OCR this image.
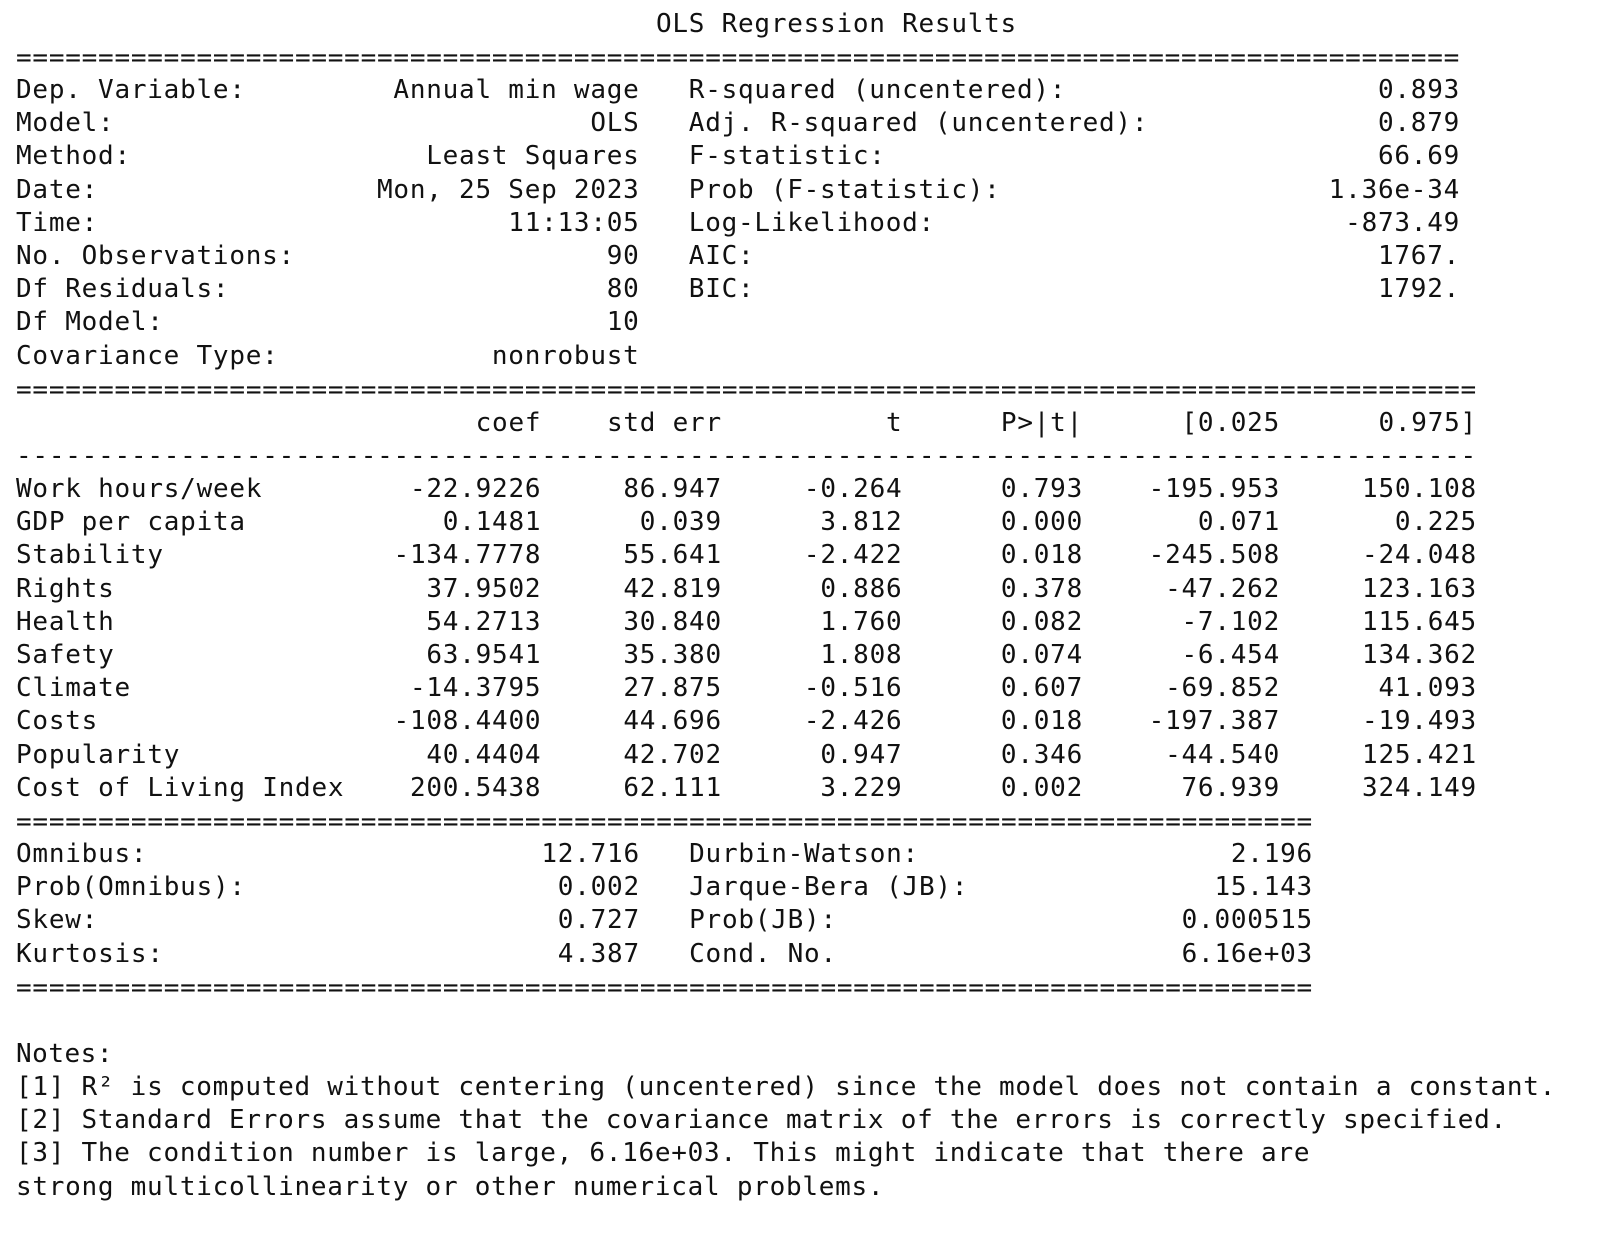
OLS Regression Results
========================================================================================
Dep. Variable:         Annual min wage   R-squared (uncentered):                   0.893
Model:                             OLS   Adj. R-squared (uncentered):              0.879
Method:                  Least Squares   F-statistic:                              66.69
Date:                 Mon, 25 Sep 2023   Prob (F-statistic):                    1.36e-34
Time:                         11:13:05   Log-Likelihood:                         -873.49
No. Observations:                   90   AIC:                                      1767.
Df Residuals:                       80   BIC:                                      1792.
Df Model:                           10
Covariance Type:             nonrobust
=========================================================================================
coef    std err          t      P>|t|      [0.025      0.975]
-----------------------------------------------------------------------------------------
Work hours/week         -22.9226     86.947     -0.264      0.793    -195.953     150.108
GDP per capita            0.1481      0.039      3.812      0.000       0.071       0.225
Stability              -134.7778     55.641     -2.422      0.018    -245.508     -24.048
Rights                   37.9502     42.819      0.886      0.378     -47.262     123.163
Health                   54.2713     30.840      1.760      0.082      -7.102     115.645
Safety                   63.9541     35.380      1.808      0.074      -6.454     134.362
Climate                 -14.3795     27.875     -0.516      0.607     -69.852      41.093
Costs                  -108.4400     44.696     -2.426      0.018    -197.387     -19.493
Popularity               40.4404     42.702      0.947      0.346     -44.540     125.421
Cost of Living Index    200.5438     62.111      3.229      0.002      76.939     324.149
===============================================================================
Omnibus:                        12.716   Durbin-Watson:                   2.196
Prob(Omnibus):                   0.002   Jarque-Bera (JB):               15.143
Skew:                            0.727   Prob(JB):                     0.000515
Kurtosis:                        4.387   Cond. No.                     6.16e+03
===============================================================================
Notes:
[1] R² is computed without centering (uncentered) since the model does not contain a constant.
[2] Standard Errors assume that the covariance matrix of the errors is correctly specified.
[3] The condition number is large, 6.16e+03. This might indicate that there are
strong multicollinearity or other numerical problems.
